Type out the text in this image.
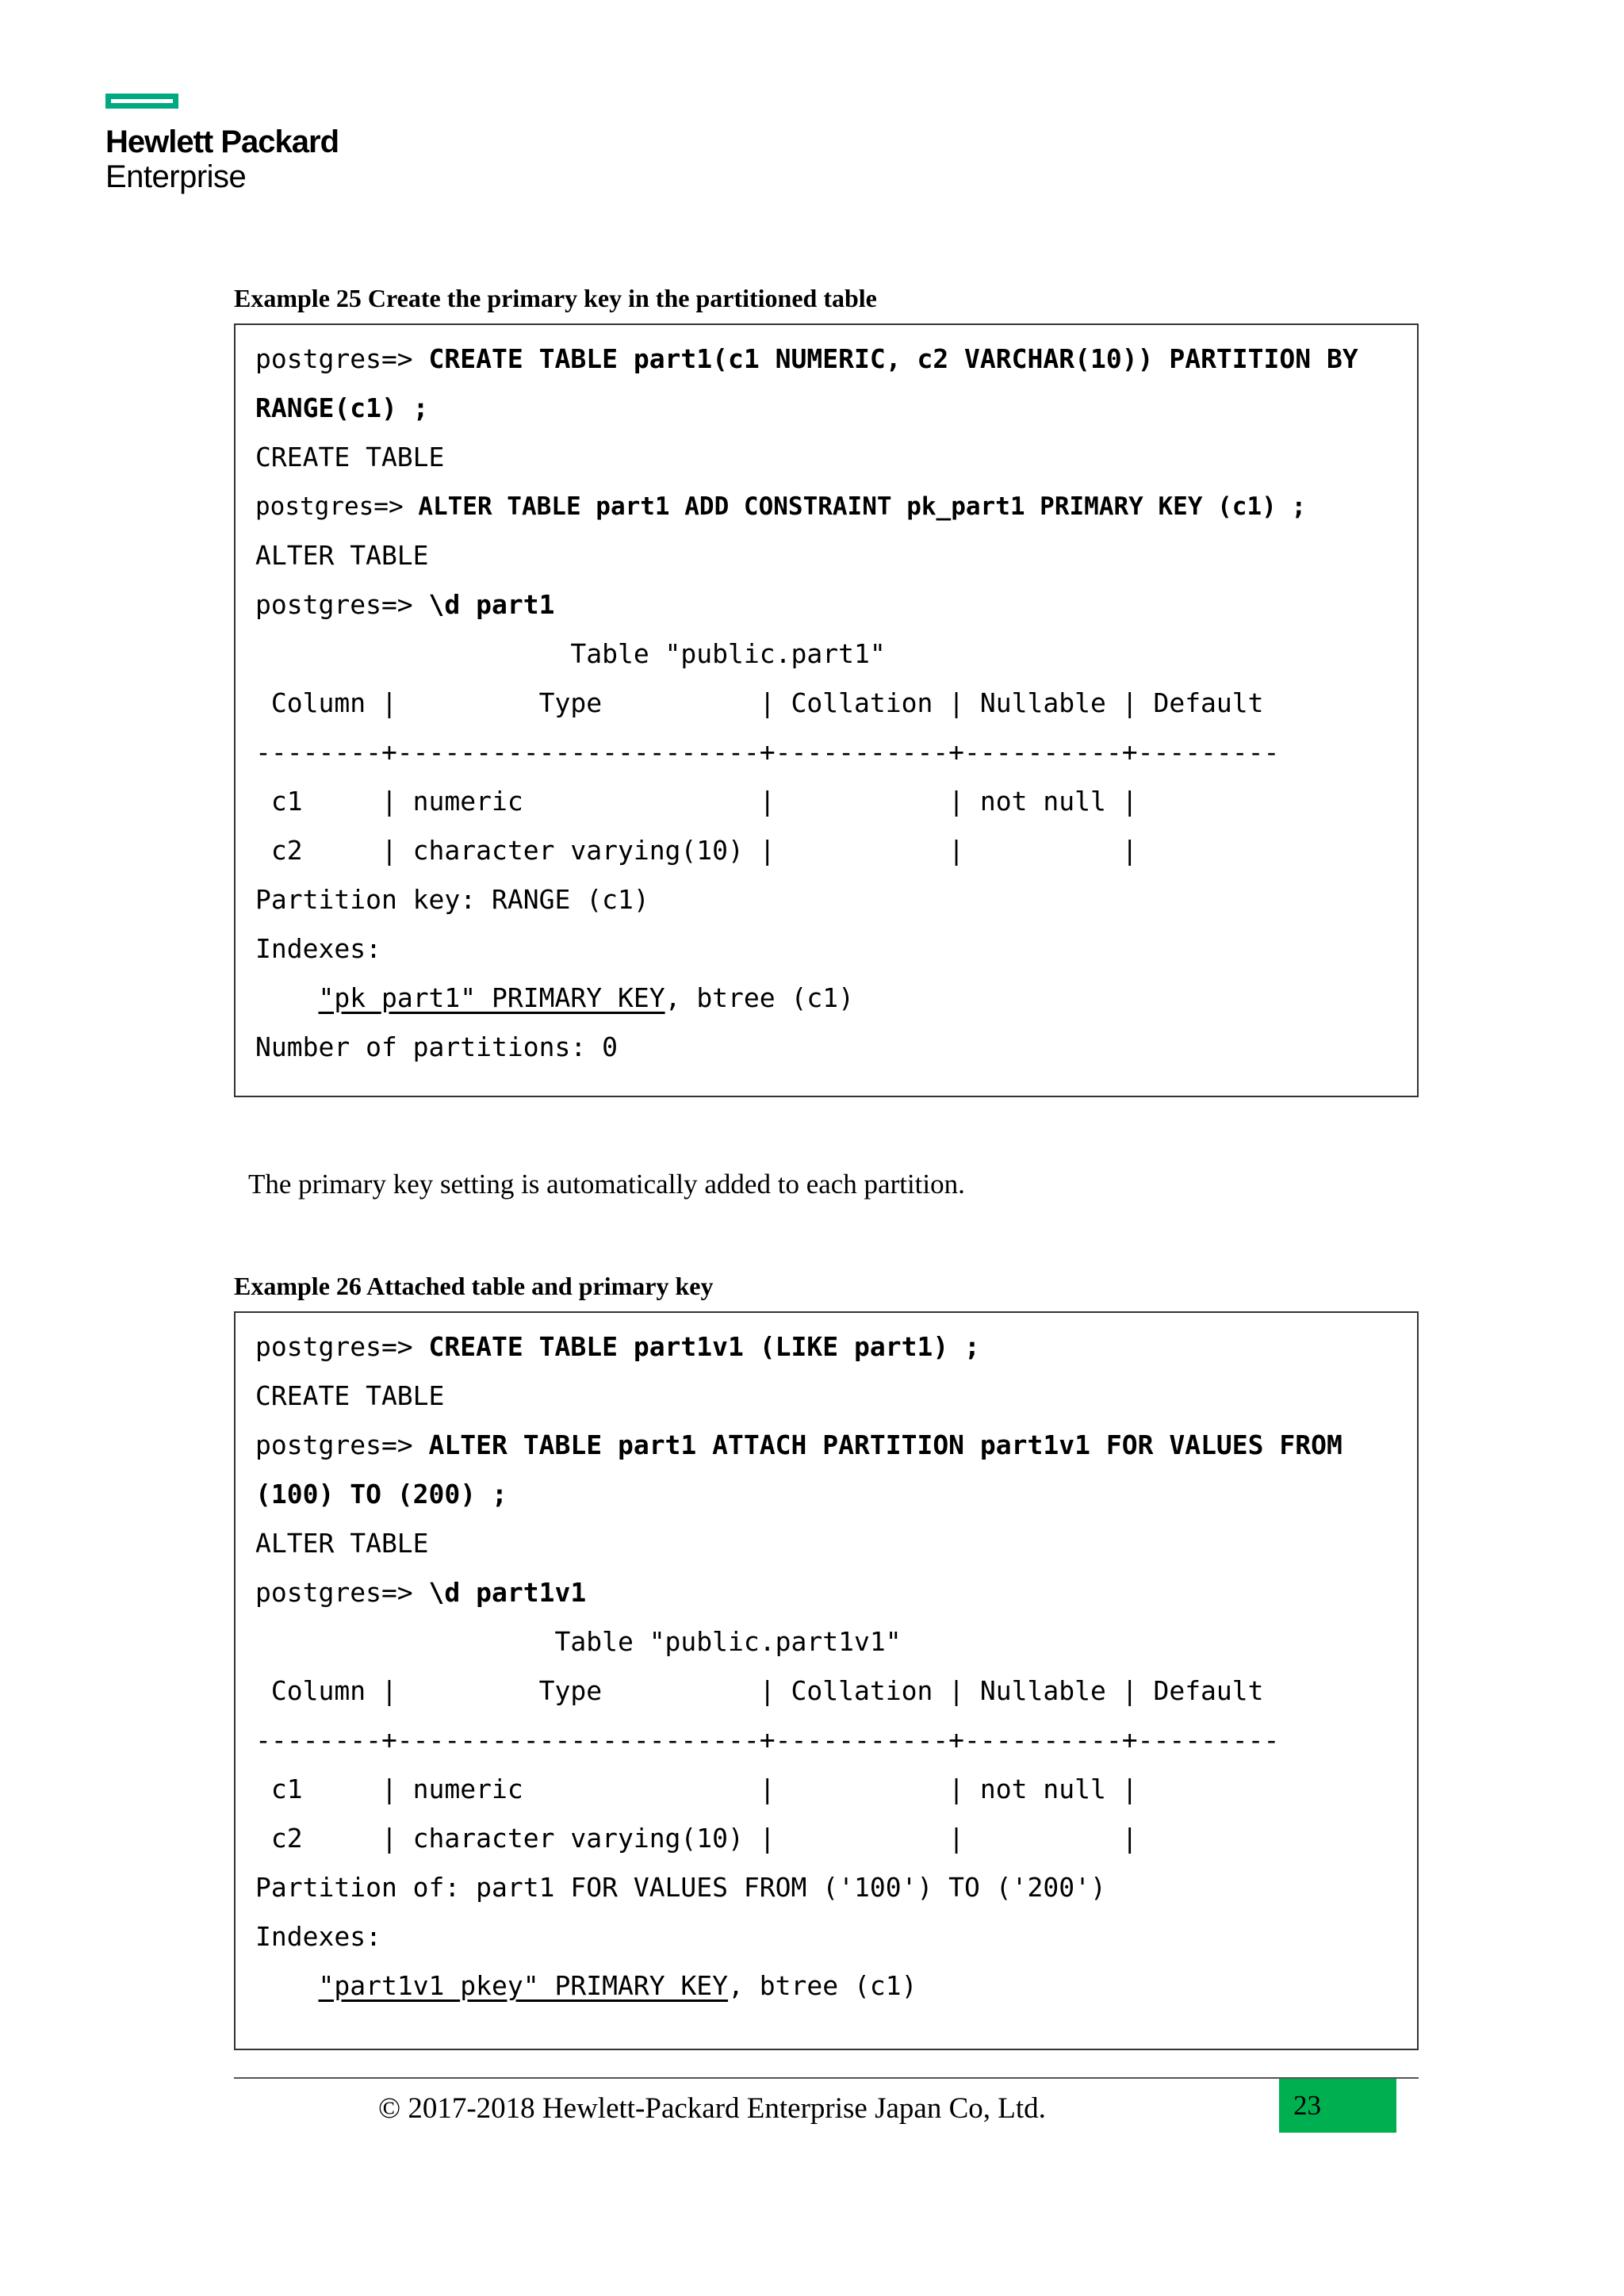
Hewlett Packard
Enterprise
Example 25 Create the primary key in the partitioned table
postgres=> CREATE TABLE part1(c1 NUMERIC, c2 VARCHAR(10)) PARTITION BY
RANGE(c1) ;
CREATE TABLE
postgres=> ALTER TABLE part1 ADD CONSTRAINT pk_part1 PRIMARY KEY (c1) ;
ALTER TABLE
postgres=> \d part1
Table "public.part1"
Column |         Type          | Collation | Nullable | Default
--------+-----------------------+-----------+----------+---------
c1     | numeric               |           | not null |
c2     | character varying(10) |           |          |
Partition key: RANGE (c1)
Indexes:
"pk_part1" PRIMARY KEY, btree (c1)
Number of partitions: 0
The primary key setting is automatically added to each partition.
Example 26 Attached table and primary key
postgres=> CREATE TABLE part1v1 (LIKE part1) ;
CREATE TABLE
postgres=> ALTER TABLE part1 ATTACH PARTITION part1v1 FOR VALUES FROM
(100) TO (200) ;
ALTER TABLE
postgres=> \d part1v1
Table "public.part1v1"
Column |         Type          | Collation | Nullable | Default
--------+-----------------------+-----------+----------+---------
c1     | numeric               |           | not null |
c2     | character varying(10) |           |          |
Partition of: part1 FOR VALUES FROM ('100') TO ('200')
Indexes:
"part1v1_pkey" PRIMARY KEY, btree (c1)
© 2017-2018 Hewlett-Packard Enterprise Japan Co, Ltd.	23
